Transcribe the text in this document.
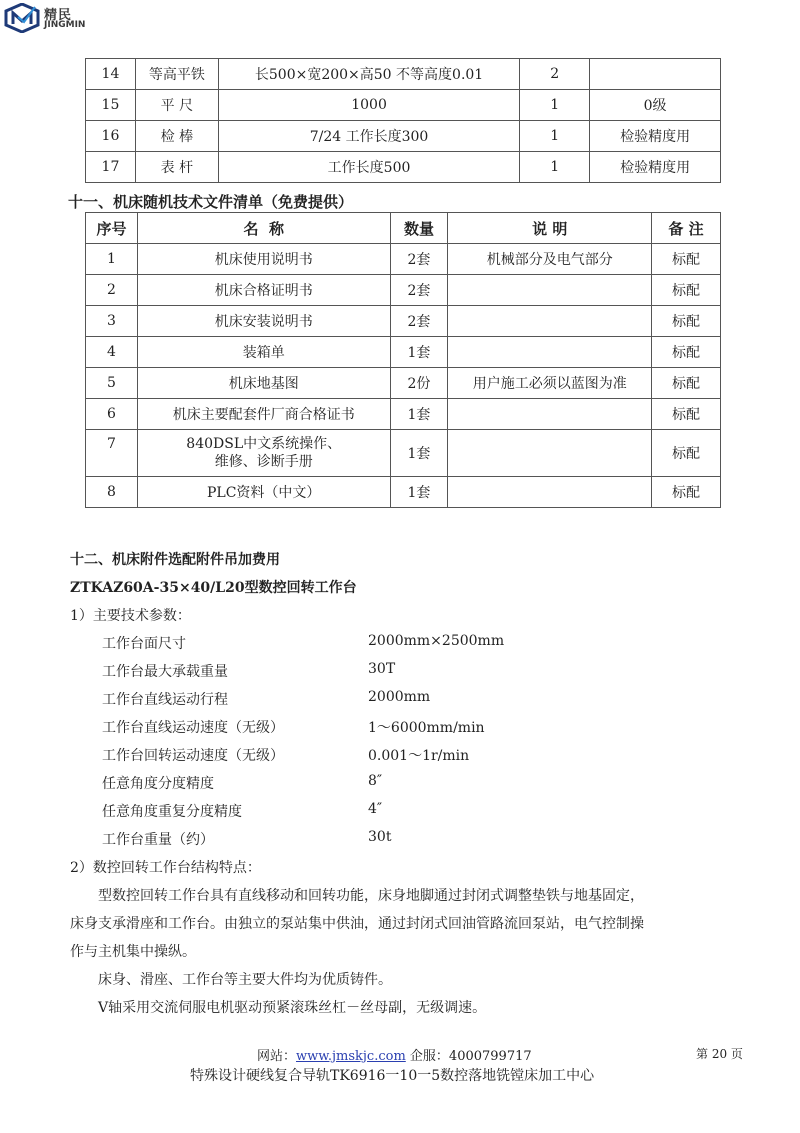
精民
JINGMIN
14	等高平铁	长500×宽200×高50 不等高度0.01	2	
15	平 尺	1000	1	0级
16	检 棒	7/24 工作长度300	1	检验精度用
17	表 杆	工作长度500	1	检验精度用
十一、机床随机技术文件清单（免费提供）
序号	名  称	数量	说 明	备 注
1	机床使用说明书	2套	机械部分及电气部分	标配
2	机床合格证明书	2套		标配
3	机床安装说明书	2套		标配
4	装箱单	1套		标配
5	机床地基图	2份	用户施工必须以蓝图为准	标配
6	机床主要配套件厂商合格证书	1套		标配
7	840DSL中文系统操作、
维修、诊断手册	1套		标配
8	PLC资料（中文）	1套		标配
十二、机床附件选配附件吊加费用
ZTKAZ60A-35×40/L20型数控回转工作台
1）主要技术参数：
工作台面尺寸	2000mm×2500mm
工作台最大承载重量	30T
工作台直线运动行程	2000mm
工作台直线运动速度（无级）	1～6000mm/min
工作台回转运动速度（无级）	0.001～1r/min
任意角度分度精度	8″
任意角度重复分度精度	4″
工作台重量（约）	30t
2）数控回转工作台结构特点：
型数控回转工作台具有直线移动和回转功能，床身地脚通过封闭式调整垫铁与地基固定，
床身支承滑座和工作台。由独立的泵站集中供油，通过封闭式回油管路流回泵站，电气控制操
作与主机集中操纵。
床身、滑座、工作台等主要大件均为优质铸件。
V轴采用交流伺服电机驱动预紧滚珠丝杠－丝母副，无级调速。
网站：www.jmskjc.com 企服：4000799717	第 20 页
特殊设计硬线复合导轨TK6916一10一5数控落地铣镗床加工中心
